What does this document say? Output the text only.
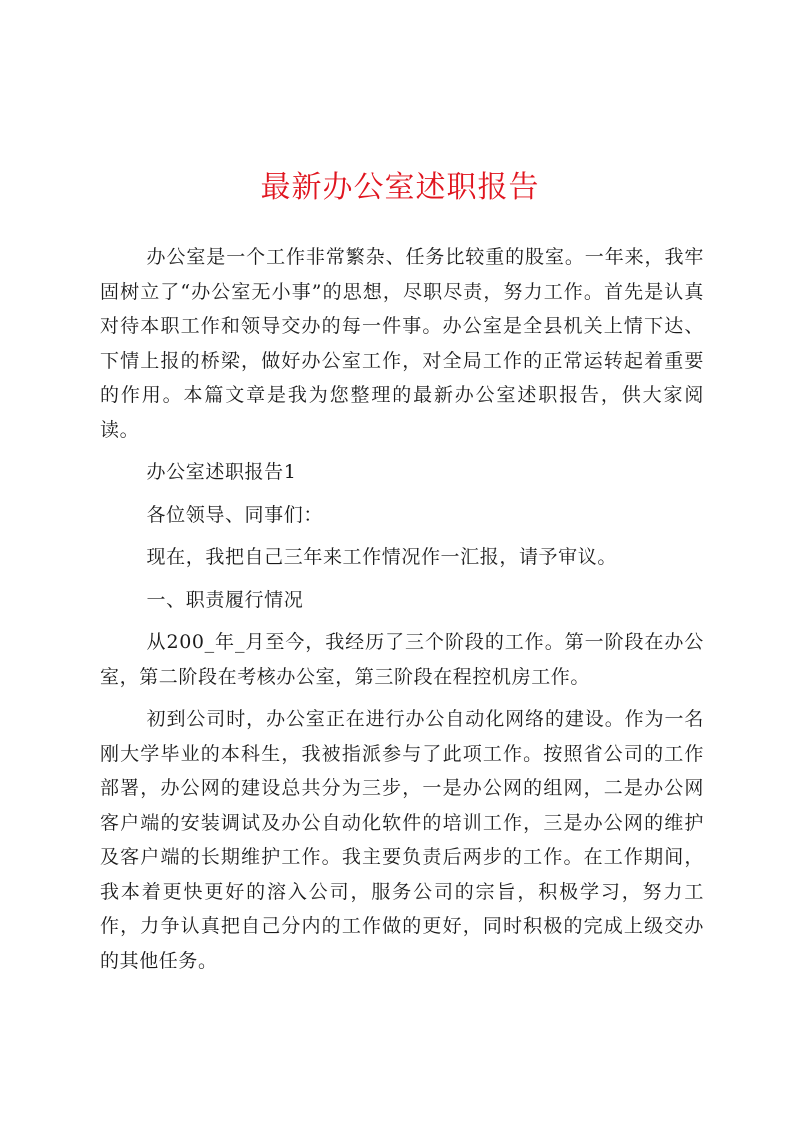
最新办公室述职报告

办公室是一个工作非常繁杂、任务比较重的股室。一年来，我牢固树立了“办公室无小事”的思想，尽职尽责，努力工作。首先是认真对待本职工作和领导交办的每一件事。办公室是全县机关上情下达、下情上报的桥梁，做好办公室工作，对全局工作的正常运转起着重要的作用。本篇文章是我为您整理的最新办公室述职报告，供大家阅读。

办公室述职报告1

各位领导、同事们：

现在，我把自己三年来工作情况作一汇报，请予审议。

一、职责履行情况

从200_年_月至今，我经历了三个阶段的工作。第一阶段在办公室，第二阶段在考核办公室，第三阶段在程控机房工作。

初到公司时，办公室正在进行办公自动化网络的建设。作为一名刚大学毕业的本科生，我被指派参与了此项工作。按照省公司的工作部署，办公网的建设总共分为三步，一是办公网的组网，二是办公网客户端的安装调试及办公自动化软件的培训工作，三是办公网的维护及客户端的长期维护工作。我主要负责后两步的工作。在工作期间，我本着更快更好的溶入公司，服务公司的宗旨，积极学习，努力工作，力争认真把自己分内的工作做的更好，同时积极的完成上级交办的其他任务。
